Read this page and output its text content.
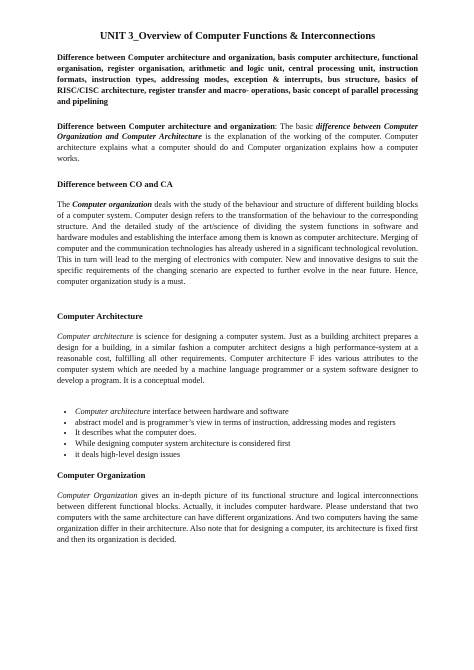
UNIT 3_Overview of Computer Functions & Interconnections

Difference between Computer architecture and organization, basis computer architecture, functional organisation, register organisation, arithmetic and logic unit, central processing unit, instruction formats, instruction types, addressing modes, exception & interrupts, bus structure, basics of RISC/CISC architecture, register transfer and macro- operations, basic concept of parallel processing and pipelining

Difference between Computer architecture and organization: The basic difference between Computer Organization and Computer Architecture is the explanation of the working of the computer. Computer architecture explains what a computer should do and Computer organization explains how a computer works.

Difference between CO and CA

The Computer organization deals with the study of the behaviour and structure of different building blocks of a computer system. Computer design refers to the transformation of the behaviour to the corresponding structure. And the detailed study of the art/science of dividing the system functions in software and hardware modules and establishing the interface among them is known as computer architecture. Merging of computer and the communication technologies has already ushered in a significant technological revolution. This in turn will lead to the merging of electronics with computer. New and innovative designs to suit the specific requirements of the changing scenario are expected to further evolve in the near future. Hence, computer organization study is a must.

Computer Architecture

Computer architecture is science for designing a computer system. Just as a building architect prepares a design for a building, in a similar fashion a computer architect designs a high performance-system at a reasonable cost, fulfilling all other requirements. Computer architecture F ides various attributes to the computer system which are needed by a machine language programmer or a system software designer to develop a program. It is a conceptual model.

• Computer architecture interface between hardware and software
• abstract model and is programmer’s view in terms of instruction, addressing modes and registers
• It describes what the computer does.
• While designing computer system architecture is considered first
• it deals high-level design issues
Computer Organization

Computer Organization gives an in-depth picture of its functional structure and logical interconnections between different functional blocks. Actually, it includes computer hardware. Please understand that two computers with the same architecture can have different organizations. And two computers having the same organization differ in their architecture. Also note that for designing a computer, its architecture is fixed first and then its organization is decided.
